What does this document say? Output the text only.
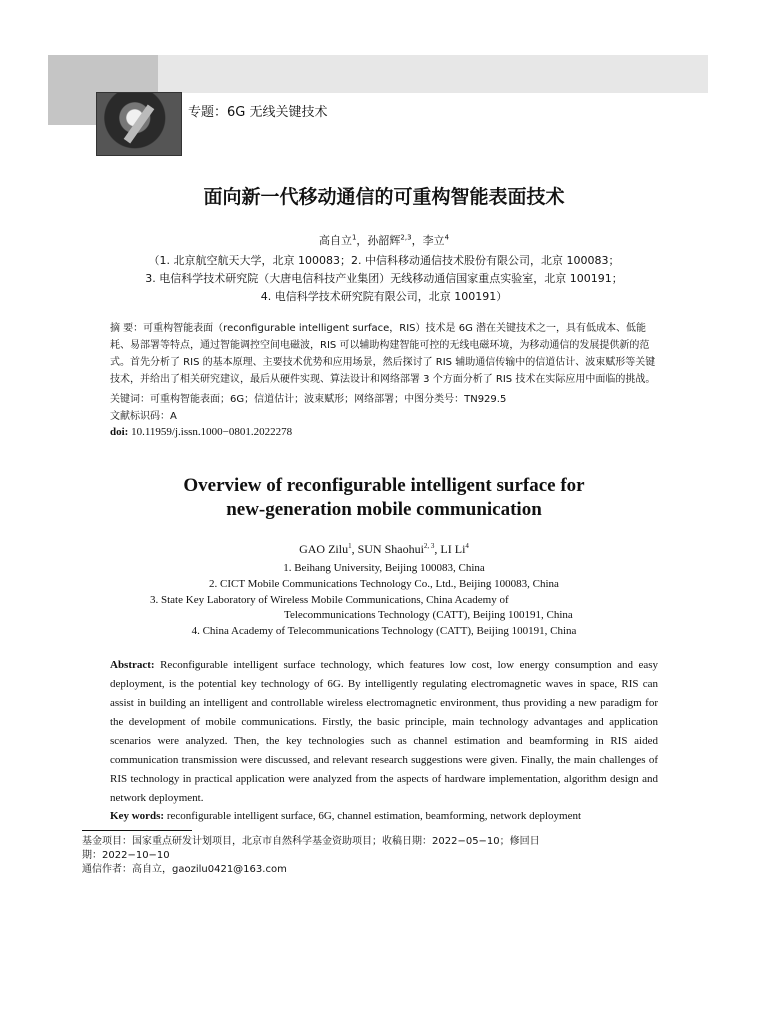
专题：6G 无线关键技术
面向新一代移动通信的可重构智能表面技术
高自立$^1$，孙韶辉$^{2,3}$，李立$^4$
（1. 北京航空航天大学，北京 100083；2. 中信科移动通信技术股份有限公司，北京 100083；
3. 电信科学技术研究院（大唐电信科技产业集团）无线移动通信国家重点实验室，北京 100191；
4. 电信科学技术研究院有限公司，北京 100191）
摘 要：可重构智能表面（reconfigurable intelligent surface，RIS）技术是 6G 潜在关键技术之一，具有低成本、低能耗、易部署等特点，通过智能调控空间电磁波，RIS 可以辅助构建智能可控的无线电磁环境，为移动通信的发展提供新的范式。首先分析了 RIS 的基本原理、主要技术优势和应用场景，然后探讨了 RIS 辅助通信传输中的信道估计、波束赋形等关键技术，并给出了相关研究建议，最后从硬件实现、算法设计和网络部署 3 个方面分析了 RIS 技术在实际应用中面临的挑战。
关键词：可重构智能表面；6G；信道估计；波束赋形；网络部署；中图分类号：TN929.5
文献标识码：A
doi: 10.11959/j.issn.1000−0801.2022278
Overview of reconfigurable intelligent surface for
new-generation mobile communication
GAO Zilu$^1$, SUN Shaohui$^{2, 3}$, LI Li$^4$
1. Beihang University, Beijing 100083, China
2. CICT Mobile Communications Technology Co., Ltd., Beijing 100083, China
3. State Key Laboratory of Wireless Mobile Communications, China Academy of
Telecommunications Technology (CATT), Beijing 100191, China
4. China Academy of Telecommunications Technology (CATT), Beijing 100191, China
Abstract: Reconfigurable intelligent surface technology, which features low cost, low energy consumption and easy deployment, is the potential key technology of 6G. By intelligently regulating electromagnetic waves in space, RIS can assist in building an intelligent and controllable wireless electromagnetic environment, thus providing a new paradigm for the development of mobile communications. Firstly, the basic principle, main technology advantages and application scenarios were analyzed. Then, the key technologies such as channel estimation and beamforming in RIS aided communication transmission were discussed, and relevant research suggestions were given. Finally, the main challenges of RIS technology in practical application were analyzed from the aspects of hardware implementation, algorithm design and network deployment.
Key words: reconfigurable intelligent surface, 6G, channel estimation, beamforming, network deployment
基金项目：国家重点研发计划项目，北京市自然科学基金资助项目；收稿日期：2022−05−10；修回日
期：2022−10−10
通信作者：高自立，gaozilu0421@163.com
